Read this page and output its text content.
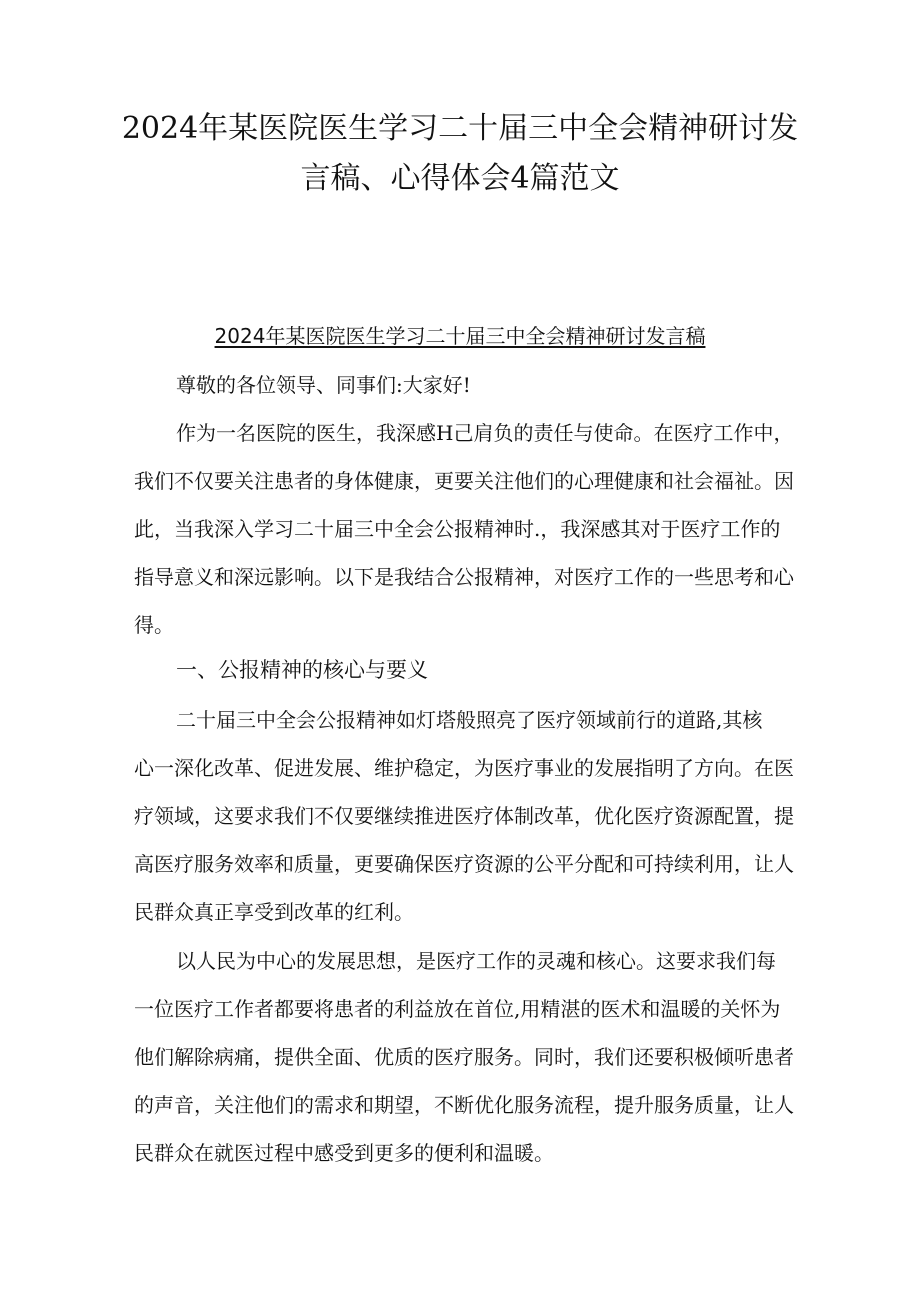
2024年某医院医生学习二十届三中全会精神研讨发
言稿、心得体会4篇范文
2024年某医院医生学习二十届三中全会精神研讨发言稿

尊敬的各位领导、同事们:大家好!

作为一名医院的医生，我深感H己肩负的责任与使命。在医疗工作中，
我们不仅要关注患者的身体健康，更要关注他们的心理健康和社会福祉。因
此，当我深入学习二十届三中全会公报精神时.，我深感其对于医疗工作的
指导意义和深远影响。以下是我结合公报精神，对医疗工作的一些思考和心
得。

一、公报精神的核心与要义

二十届三中全会公报精神如灯塔般照亮了医疗领域前行的道路,其核
心一深化改革、促进发展、维护稳定，为医疗事业的发展指明了方向。在医
疗领域，这要求我们不仅要继续推进医疗体制改革，优化医疗资源配置，提
高医疗服务效率和质量，更要确保医疗资源的公平分配和可持续利用，让人
民群众真正享受到改革的红利。

以人民为中心的发展思想，是医疗工作的灵魂和核心。这要求我们每
一位医疗工作者都要将患者的利益放在首位,用精湛的医术和温暖的关怀为
他们解除病痛，提供全面、优质的医疗服务。同时，我们还要积极倾听患者
的声音，关注他们的需求和期望，不断优化服务流程，提升服务质量，让人
民群众在就医过程中感受到更多的便利和温暖。
